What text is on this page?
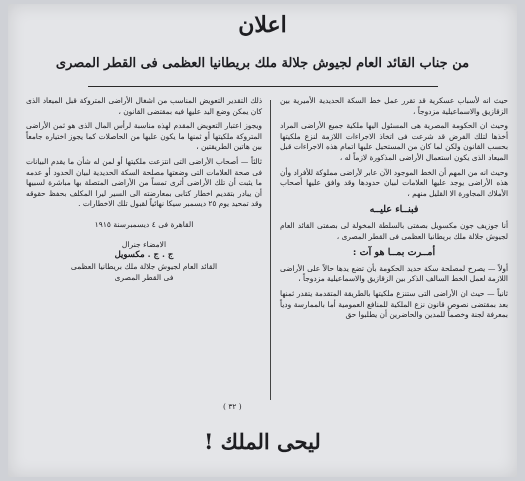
اعلان
من جناب القائد العام لجيوش جلالة ملك بريطانيا العظمى فى القطر المصرى

حيث انه لأسباب عسكرية قد تقرر عمل خط السكة الحديدية الأميرية بين الزقازيق والاسماعيلية مزدوجاً ،

وحيث ان الحكومة المصرية هى المسئول اليها ملكية جميع الأراضى المراد أخذها لتلك الفرض قد شرعت فى اتخاذ الاجراءات اللازمة لنزع ملكيتها بحسب القانون ولكن لما كان من المستحيل عليها اتمام هذه الاجراءات قبل الميعاد الذى يكون استعمال الأراضى المذكورة لازماً له ،

وحيث انه من المهم أن الخط الموجود الآن عابر لأراضى مملوكة للأفراد وأن هذه الأراضى يوجد عليها العلامات لبيان حدودها وقد وافق عليها أصحاب الأملاك المجاورة الا القليل منهم ،

فبنــاء عليــه

أنا جوزيف جون مكسويل بصفتى بالسلطة المخولة لى بصفتى القائد العام لجيوش جلالة ملك بريطانيا العظمى فى القطر المصرى ،

أمــرت بمــا هو آت :

أولاً — يصرح لمصلحة سكة حديد الحكومة بأن تضع يدها حالاً على الأراضى اللازمة لعمل الخط السالف الذكر بين الزقازيق والاسماعيلية مزدوجاً ،

ثانياً — حيث ان الأراضى التى ستنزع ملكيتها بالطريقة المتقدمة يتقدر ثمنها بعد بمقتضى نصوص قانون نزع الملكية للمنافع العمومية أما بالممارسة ودياً بمعرفة لجنة وخصماً للمدين والحاضرين أن يطلبوا حق

ذلك التقدير التعويض المناسب من اشغال الأراضى المتروكة قبل الميعاد الذى كان يمكن وضع اليد عليها فيه بمقتضى القانون ،

ويجوز اعتبار التعويض المقدم لهذه مناسبة لرأس المال الذى هو ثمن الأراضى المتروكة ملكيتها أو ثمنها ما يكون عليها من الحاصلات كما يجوز اختياره جامعاً بين هاتين الطريقتين ،

ثالثاً — أصحاب الأراضى التى انتزعت ملكيتها أو لمن له شأن ما يقدم البيانات فى صحة العلامات التى وضعتها مصلحة السكة الحديدية لبيان الحدود أو عدمه ما يثبت أن تلك الأراضى أثرى تمساً من الأراضى المتصلة بها مباشرة لسبيها أن يبادر بتقديم اخطار كتابى بمعارضته الى السير ليرا المكلف بحفظ حقوقه وقد تمحيد يوم ٢٥ ديسمبر سيكا نهائياً لقبول تلك الاخطارات .

القاهرة فى ٤ ديسمبرسنة ١٩١٥
الامضاء جنرال
ج . ج . مكسويل
القائد العام لجيوش جلالة ملك بريطانيا العظمى
فى القطر المصرى
( ٣٢ )
ليحى الملك !
